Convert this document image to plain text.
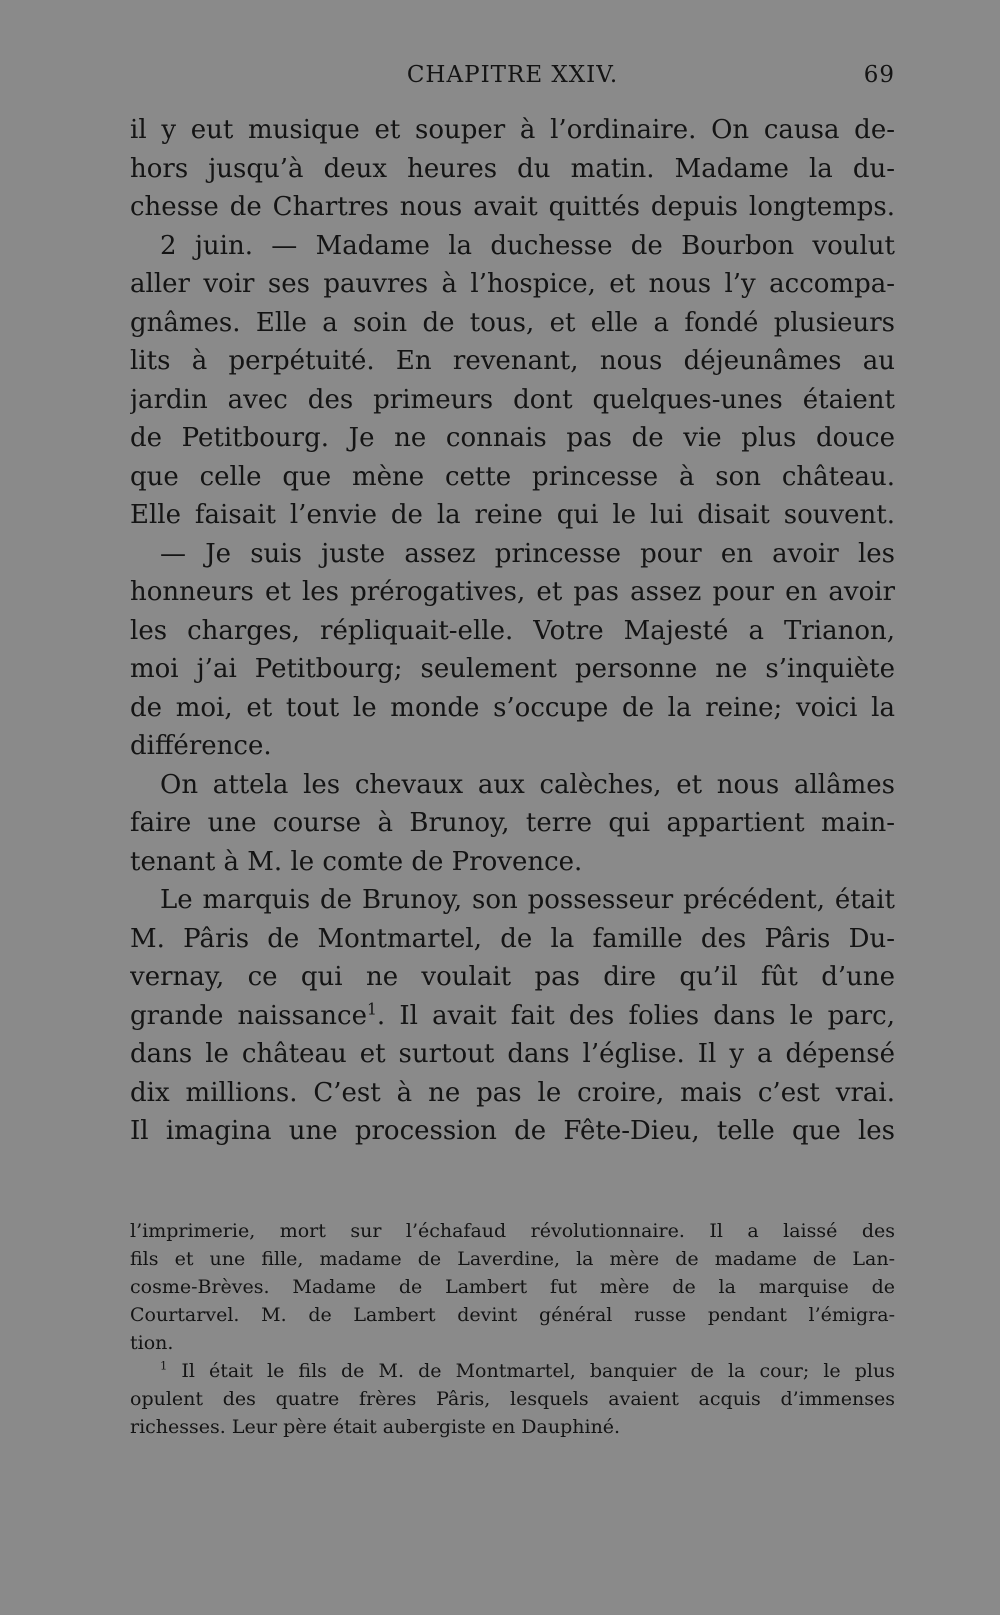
CHAPITRE XXIV.	69
il y eut musique et souper à l’ordinaire. On causa de-
hors jusqu’à deux heures du matin. Madame la du-
chesse de Chartres nous avait quittés depuis longtemps.
2 juin. — Madame la duchesse de Bourbon voulut
aller voir ses pauvres à l’hospice, et nous l’y accompa-
gnâmes. Elle a soin de tous, et elle a fondé plusieurs
lits à perpétuité. En revenant, nous déjeunâmes au
jardin avec des primeurs dont quelques-unes étaient
de Petitbourg. Je ne connais pas de vie plus douce
que celle que mène cette princesse à son château.
Elle faisait l’envie de la reine qui le lui disait souvent.
— Je suis juste assez princesse pour en avoir les
honneurs et les prérogatives, et pas assez pour en avoir
les charges, répliquait-elle. Votre Majesté a Trianon,
moi j’ai Petitbourg; seulement personne ne s’inquiète
de moi, et tout le monde s’occupe de la reine; voici la
différence.
On attela les chevaux aux calèches, et nous allâmes
faire une course à Brunoy, terre qui appartient main-
tenant à M. le comte de Provence.
Le marquis de Brunoy, son possesseur précédent, était
M. Pâris de Montmartel, de la famille des Pâris Du-
vernay, ce qui ne voulait pas dire qu’il fût d’une
grande naissance$^1$. Il avait fait des folies dans le parc,
dans le château et surtout dans l’église. Il y a dépensé
dix millions. C’est à ne pas le croire, mais c’est vrai.
Il imagina une procession de Fête-Dieu, telle que les
l’imprimerie, mort sur l’échafaud révolutionnaire. Il a laissé des
fils et une fille, madame de Laverdine, la mère de madame de Lan-
cosme-Brèves. Madame de Lambert fut mère de la marquise de
Courtarvel. M. de Lambert devint général russe pendant l’émigra-
tion.
$^1$ Il était le fils de M. de Montmartel, banquier de la cour; le plus
opulent des quatre frères Pâris, lesquels avaient acquis d’immenses
richesses. Leur père était aubergiste en Dauphiné.
